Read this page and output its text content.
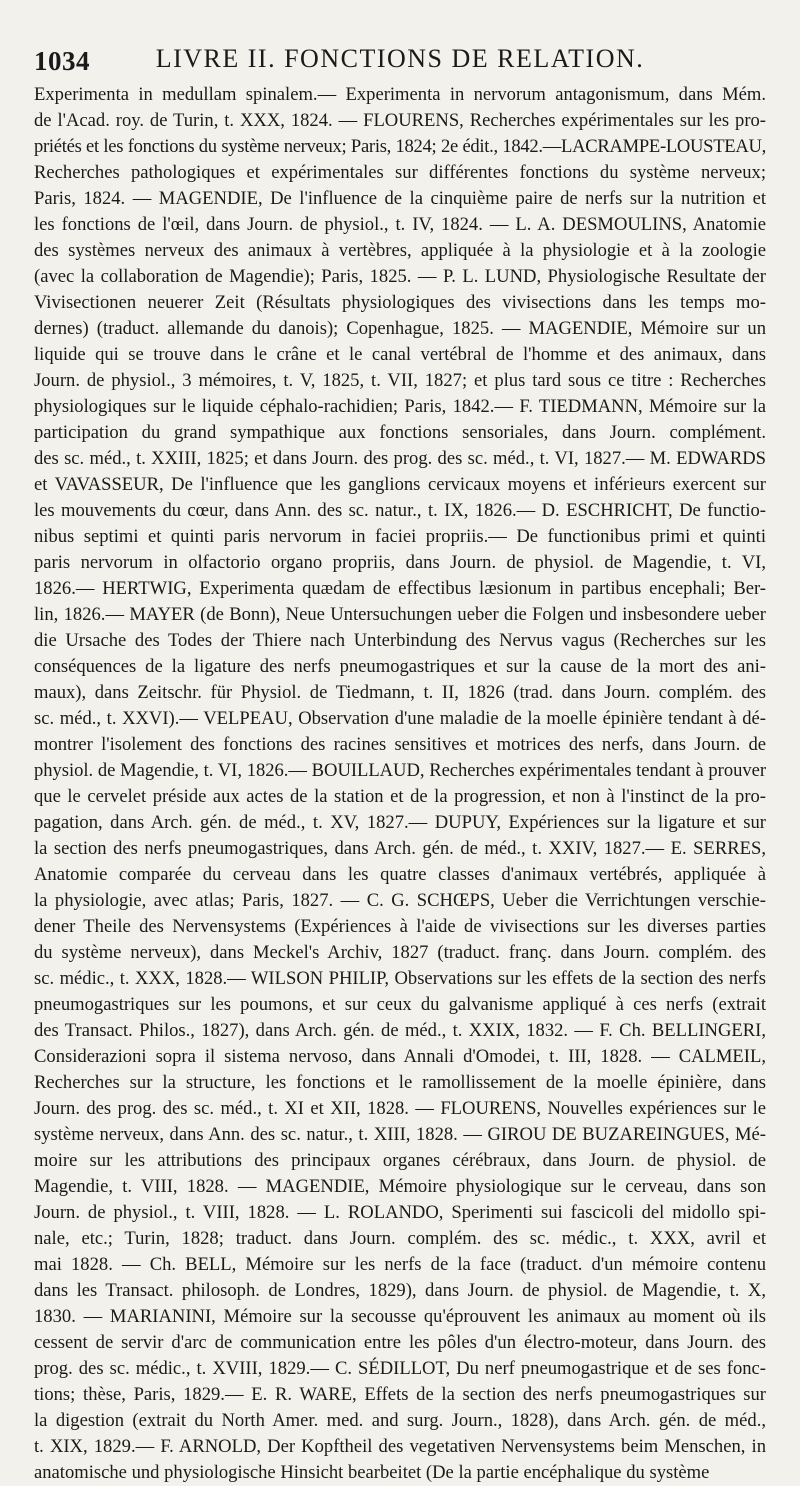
1034	LIVRE II. FONCTIONS DE RELATION.
Experimenta in medullam spinalem.— Experimenta in nervorum antagonismum, dans Mém.
de l'Acad. roy. de Turin, t. XXX, 1824. — FLOURENS, Recherches expérimentales sur les pro-
priétés et les fonctions du système nerveux; Paris, 1824; 2e édit., 1842.—LACRAMPE-LOUSTEAU,
Recherches pathologiques et expérimentales sur différentes fonctions du système nerveux;
Paris, 1824. — MAGENDIE, De l'influence de la cinquième paire de nerfs sur la nutrition et
les fonctions de l'œil, dans Journ. de physiol., t. IV, 1824. — L. A. DESMOULINS, Anatomie
des systèmes nerveux des animaux à vertèbres, appliquée à la physiologie et à la zoologie
(avec la collaboration de Magendie); Paris, 1825. — P. L. LUND, Physiologische Resultate der
Vivisectionen neuerer Zeit (Résultats physiologiques des vivisections dans les temps mo-
dernes) (traduct. allemande du danois); Copenhague, 1825. — MAGENDIE, Mémoire sur un
liquide qui se trouve dans le crâne et le canal vertébral de l'homme et des animaux, dans
Journ. de physiol., 3 mémoires, t. V, 1825, t. VII, 1827; et plus tard sous ce titre : Recherches
physiologiques sur le liquide céphalo-rachidien; Paris, 1842.— F. TIEDMANN, Mémoire sur la
participation du grand sympathique aux fonctions sensoriales, dans Journ. complément.
des sc. méd., t. XXIII, 1825; et dans Journ. des prog. des sc. méd., t. VI, 1827.— M. EDWARDS
et VAVASSEUR, De l'influence que les ganglions cervicaux moyens et inférieurs exercent sur
les mouvements du cœur, dans Ann. des sc. natur., t. IX, 1826.— D. ESCHRICHT, De functio-
nibus septimi et quinti paris nervorum in faciei propriis.— De functionibus primi et quinti
paris nervorum in olfactorio organo propriis, dans Journ. de physiol. de Magendie, t. VI,
1826.— HERTWIG, Experimenta quædam de effectibus læsionum in partibus encephali; Ber-
lin, 1826.— MAYER (de Bonn), Neue Untersuchungen ueber die Folgen und insbesondere ueber
die Ursache des Todes der Thiere nach Unterbindung des Nervus vagus (Recherches sur les
conséquences de la ligature des nerfs pneumogastriques et sur la cause de la mort des ani-
maux), dans Zeitschr. für Physiol. de Tiedmann, t. II, 1826 (trad. dans Journ. complém. des
sc. méd., t. XXVI).— VELPEAU, Observation d'une maladie de la moelle épinière tendant à dé-
montrer l'isolement des fonctions des racines sensitives et motrices des nerfs, dans Journ. de
physiol. de Magendie, t. VI, 1826.— BOUILLAUD, Recherches expérimentales tendant à prouver
que le cervelet préside aux actes de la station et de la progression, et non à l'instinct de la pro-
pagation, dans Arch. gén. de méd., t. XV, 1827.— DUPUY, Expériences sur la ligature et sur
la section des nerfs pneumogastriques, dans Arch. gén. de méd., t. XXIV, 1827.— E. SERRES,
Anatomie comparée du cerveau dans les quatre classes d'animaux vertébrés, appliquée à
la physiologie, avec atlas; Paris, 1827. — C. G. SCHŒPS, Ueber die Verrichtungen verschie-
dener Theile des Nervensystems (Expériences à l'aide de vivisections sur les diverses parties
du système nerveux), dans Meckel's Archiv, 1827 (traduct. franç. dans Journ. complém. des
sc. médic., t. XXX, 1828.— WILSON PHILIP, Observations sur les effets de la section des nerfs
pneumogastriques sur les poumons, et sur ceux du galvanisme appliqué à ces nerfs (extrait
des Transact. Philos., 1827), dans Arch. gén. de méd., t. XXIX, 1832. — F. Ch. BELLINGERI,
Considerazioni sopra il sistema nervoso, dans Annali d'Omodei, t. III, 1828. — CALMEIL,
Recherches sur la structure, les fonctions et le ramollissement de la moelle épinière, dans
Journ. des prog. des sc. méd., t. XI et XII, 1828. — FLOURENS, Nouvelles expériences sur le
système nerveux, dans Ann. des sc. natur., t. XIII, 1828. — GIROU DE BUZAREINGUES, Mé-
moire sur les attributions des principaux organes cérébraux, dans Journ. de physiol. de
Magendie, t. VIII, 1828. — MAGENDIE, Mémoire physiologique sur le cerveau, dans son
Journ. de physiol., t. VIII, 1828. — L. ROLANDO, Sperimenti sui fascicoli del midollo spi-
nale, etc.; Turin, 1828; traduct. dans Journ. complém. des sc. médic., t. XXX, avril et
mai 1828. — Ch. BELL, Mémoire sur les nerfs de la face (traduct. d'un mémoire contenu
dans les Transact. philosoph. de Londres, 1829), dans Journ. de physiol. de Magendie, t. X,
1830. — MARIANINI, Mémoire sur la secousse qu'éprouvent les animaux au moment où ils
cessent de servir d'arc de communication entre les pôles d'un électro-moteur, dans Journ. des
prog. des sc. médic., t. XVIII, 1829.— C. SÉDILLOT, Du nerf pneumogastrique et de ses fonc-
tions; thèse, Paris, 1829.— E. R. WARE, Effets de la section des nerfs pneumogastriques sur
la digestion (extrait du North Amer. med. and surg. Journ., 1828), dans Arch. gén. de méd.,
t. XIX, 1829.— F. ARNOLD, Der Kopftheil des vegetativen Nervensystems beim Menschen, in
anatomische und physiologische Hinsicht bearbeitet (De la partie encéphalique du système
